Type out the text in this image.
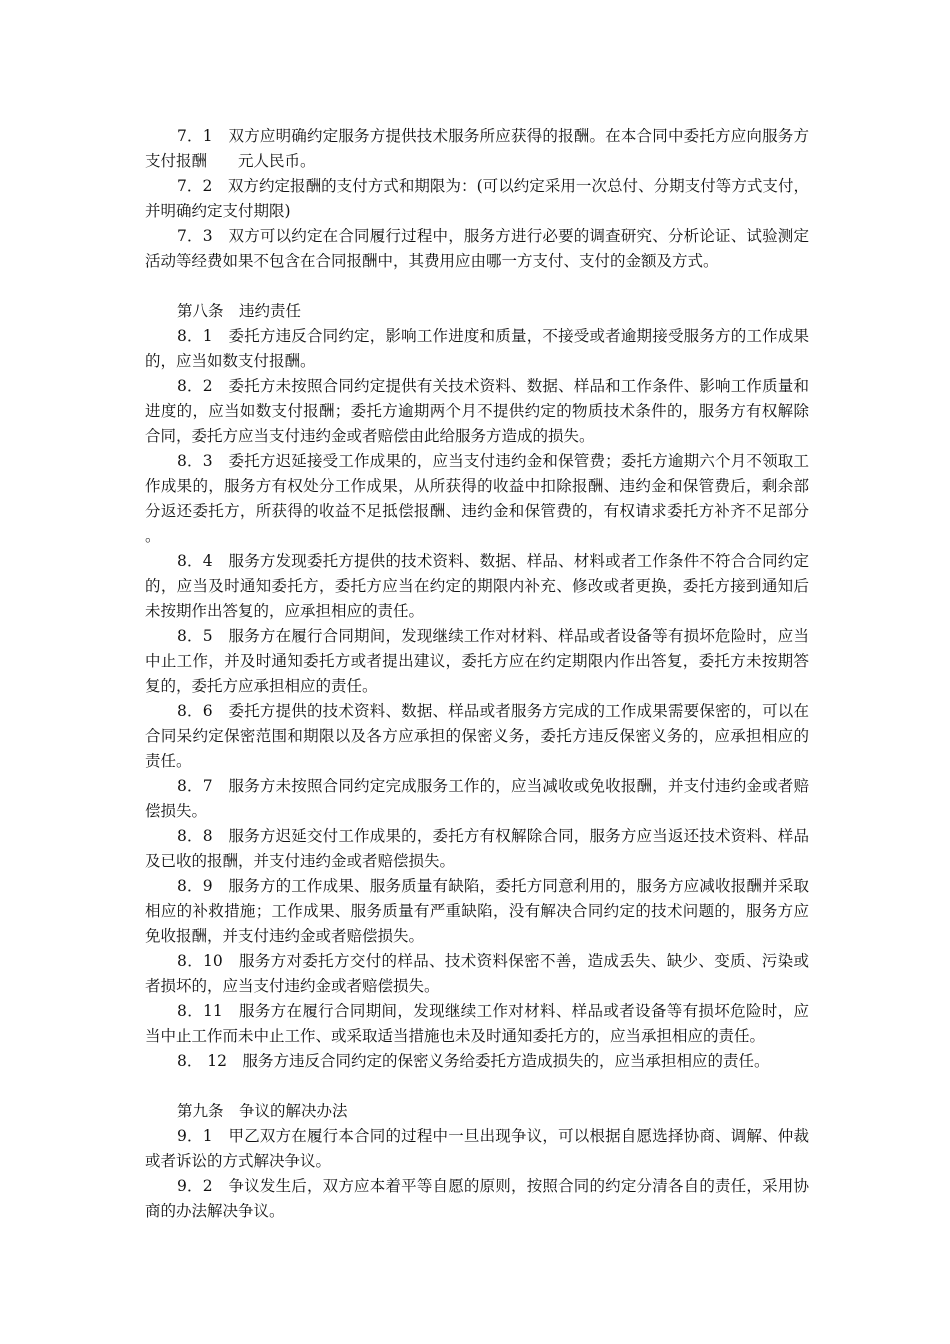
7．1　双方应明确约定服务方提供技术服务所应获得的报酬。在本合同中委托方应向服务方支付报酬　　元人民币。

7．2　双方约定报酬的支付方式和期限为：(可以约定采用一次总付、分期支付等方式支付，并明确约定支付期限)

7．3　双方可以约定在合同履行过程中，服务方进行必要的调查研究、分析论证、试验测定活动等经费如果不包含在合同报酬中，其费用应由哪一方支付、支付的金额及方式。

第八条　违约责任

8．1　委托方违反合同约定，影响工作进度和质量，不接受或者逾期接受服务方的工作成果的，应当如数支付报酬。

8．2　委托方未按照合同约定提供有关技术资料、数据、样品和工作条件、影响工作质量和进度的，应当如数支付报酬；委托方逾期两个月不提供约定的物质技术条件的，服务方有权解除合同，委托方应当支付违约金或者赔偿由此给服务方造成的损失。

8．3　委托方迟延接受工作成果的，应当支付违约金和保管费；委托方逾期六个月不领取工作成果的，服务方有权处分工作成果，从所获得的收益中扣除报酬、违约金和保管费后，剩余部分返还委托方，所获得的收益不足抵偿报酬、违约金和保管费的，有权请求委托方补齐不足部分。

8．4　服务方发现委托方提供的技术资料、数据、样品、材料或者工作条件不符合合同约定的，应当及时通知委托方，委托方应当在约定的期限内补充、修改或者更换，委托方接到通知后未按期作出答复的，应承担相应的责任。

8．5　服务方在履行合同期间，发现继续工作对材料、样品或者设备等有损坏危险时，应当中止工作，并及时通知委托方或者提出建议，委托方应在约定期限内作出答复，委托方未按期答复的，委托方应承担相应的责任。

8．6　委托方提供的技术资料、数据、样品或者服务方完成的工作成果需要保密的，可以在合同呆约定保密范围和期限以及各方应承担的保密义务，委托方违反保密义务的，应承担相应的责任。

8．7　服务方未按照合同约定完成服务工作的，应当减收或免收报酬，并支付违约金或者赔偿损失。

8．8　服务方迟延交付工作成果的，委托方有权解除合同，服务方应当返还技术资料、样品及已收的报酬，并支付违约金或者赔偿损失。

8．9　服务方的工作成果、服务质量有缺陷，委托方同意利用的，服务方应减收报酬并采取相应的补救措施；工作成果、服务质量有严重缺陷，没有解决合同约定的技术问题的，服务方应免收报酬，并支付违约金或者赔偿损失。

8．10　服务方对委托方交付的样品、技术资料保密不善，造成丢失、缺少、变质、污染或者损坏的，应当支付违约金或者赔偿损失。

8．11　服务方在履行合同期间，发现继续工作对材料、样品或者设备等有损坏危险时，应当中止工作而未中止工作、或采取适当措施也未及时通知委托方的，应当承担相应的责任。

8． 12　服务方违反合同约定的保密义务给委托方造成损失的，应当承担相应的责任。

第九条　争议的解决办法

9．1　甲乙双方在履行本合同的过程中一旦出现争议，可以根据自愿选择协商、调解、仲裁或者诉讼的方式解决争议。

9．2　争议发生后，双方应本着平等自愿的原则，按照合同的约定分清各自的责任，采用协商的办法解决争议。
